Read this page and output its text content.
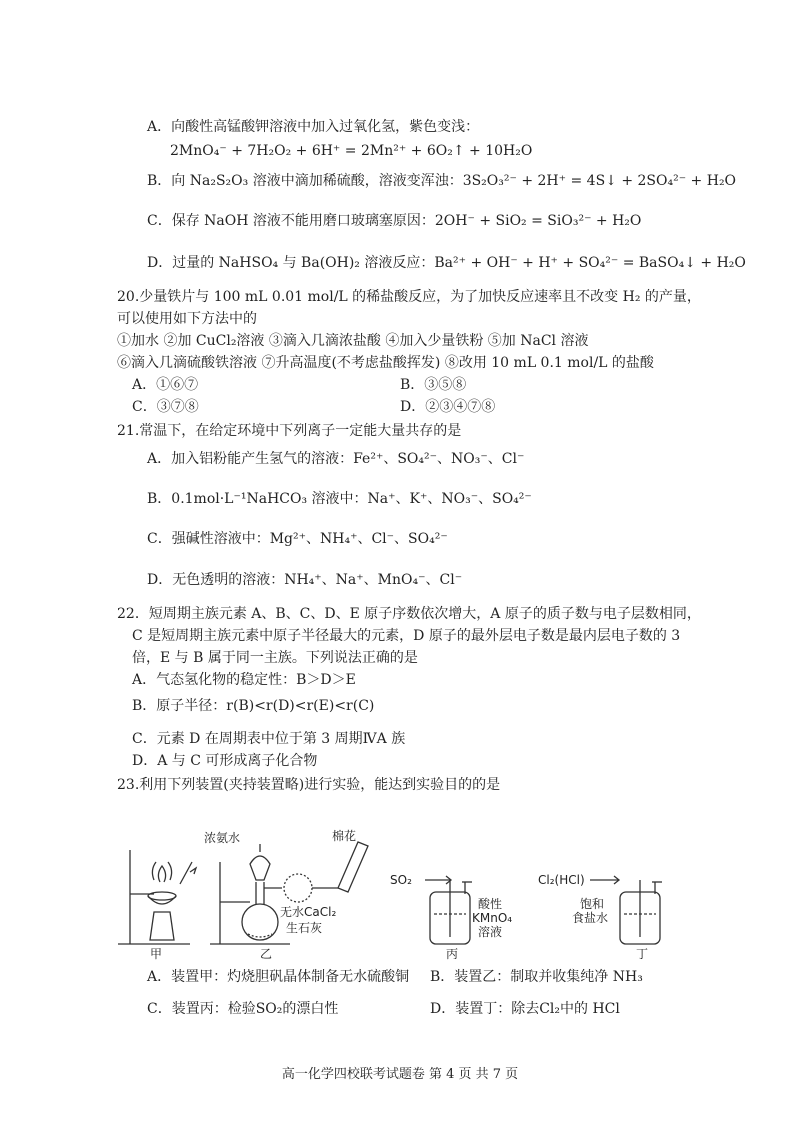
A．向酸性高锰酸钾溶液中加入过氧化氢，紫色变浅：
2MnO₄⁻ + 7H₂O₂ + 6H⁺ = 2Mn²⁺ + 6O₂↑ + 10H₂O
B．向 Na₂S₂O₃ 溶液中滴加稀硫酸，溶液变浑浊：3S₂O₃²⁻ + 2H⁺ = 4S↓ + 2SO₄²⁻ + H₂O
C．保存 NaOH 溶液不能用磨口玻璃塞原因：2OH⁻ + SiO₂ = SiO₃²⁻ + H₂O
D．过量的 NaHSO₄ 与 Ba(OH)₂ 溶液反应：Ba²⁺ + OH⁻ + H⁺ + SO₄²⁻ = BaSO₄↓ + H₂O
20.少量铁片与 100 mL 0.01 mol/L 的稀盐酸反应，为了加快反应速率且不改变 H₂ 的产量，
可以使用如下方法中的
①加水 ②加 CuCl₂溶液 ③滴入几滴浓盐酸 ④加入少量铁粉 ⑤加 NaCl 溶液
⑥滴入几滴硫酸铁溶液 ⑦升高温度(不考虑盐酸挥发) ⑧改用 10 mL 0.1 mol/L 的盐酸
A．①⑥⑦	B．③⑤⑧
C．③⑦⑧	D．②③④⑦⑧
21.常温下，在给定环境中下列离子一定能大量共存的是
A．加入铝粉能产生氢气的溶液：Fe²⁺、SO₄²⁻、NO₃⁻、Cl⁻
B．0.1mol·L⁻¹NaHCO₃ 溶液中：Na⁺、K⁺、NO₃⁻、SO₄²⁻
C．强碱性溶液中：Mg²⁺、NH₄⁺、Cl⁻、SO₄²⁻
D．无色透明的溶液：NH₄⁺、Na⁺、MnO₄⁻、Cl⁻
22．短周期主族元素 A、B、C、D、E 原子序数依次增大，A 原子的质子数与电子层数相同，
C 是短周期主族元素中原子半径最大的元素，D 原子的最外层电子数是最内层电子数的 3
倍，E 与 B 属于同一主族。下列说法正确的是
A．气态氢化物的稳定性：B＞D＞E
B．原子半径：r(B)<r(D)<r(E)<r(C)
C．元素 D 在周期表中位于第 3 周期ⅣA 族
D．A 与 C 可形成离子化合物
23.利用下列装置(夹持装置略)进行实验，能达到实验目的的是
甲	乙	丙	丁
浓氨水	棉花
无水CaCl₂
生石灰
SO₂
酸性
KMnO₄
溶液
Cl₂(HCl)
饱和
食盐水
A．装置甲：灼烧胆矾晶体制备无水硫酸铜 B．装置乙：制取并收集纯净 NH₃
C．装置丙：检验SO₂的漂白性	D．装置丁：除去Cl₂中的 HCl
高一化学四校联考试题卷 第 4 页 共 7 页
